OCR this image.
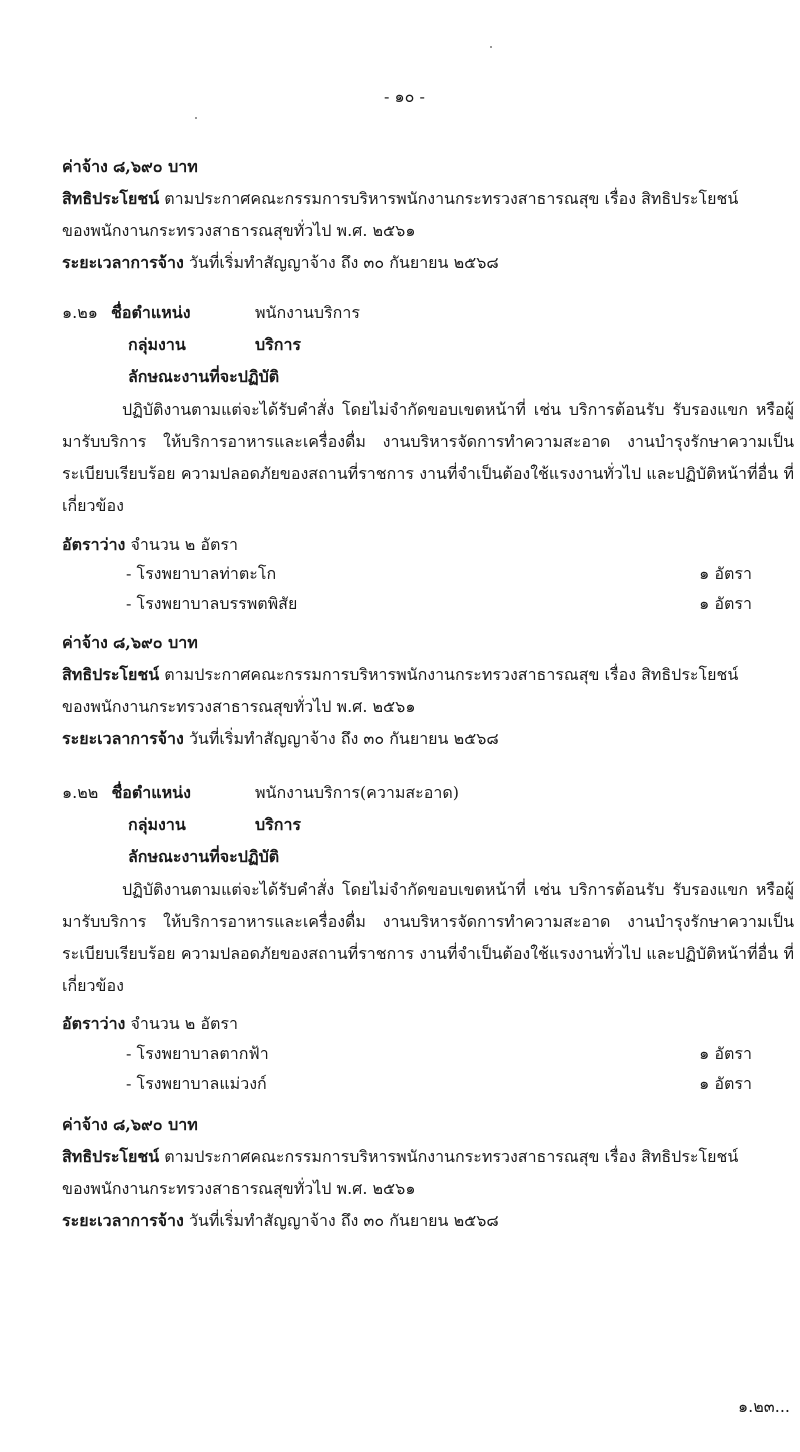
- ๑๐ -
ค่าจ้าง ๘,๖๙๐ บาท
สิทธิประโยชน์ ตามประกาศคณะกรรมการบริหารพนักงานกระทรวงสาธารณสุข เรื่อง สิทธิประโยชน์
ของพนักงานกระทรวงสาธารณสุขทั่วไป พ.ศ. ๒๕๖๑
ระยะเวลาการจ้าง วันที่เริ่มทำสัญญาจ้าง ถึง ๓๐ กันยายน ๒๕๖๘
๑.๒๑ ชื่อตำแหน่ง	พนักงานบริการ
กลุ่มงาน	บริการ
ลักษณะงานที่จะปฏิบัติ
ปฏิบัติงานตามแต่จะได้รับคำสั่ง โดยไม่จำกัดขอบเขตหน้าที่ เช่น บริการต้อนรับ รับรองแขก หรือผู้มารับบริการ ให้บริการอาหารและเครื่องดื่ม งานบริหารจัดการทำความสะอาด งานบำรุงรักษาความเป็น ระเบียบเรียบร้อย ความปลอดภัยของสถานที่ราชการ งานที่จำเป็นต้องใช้แรงงานทั่วไป และปฏิบัติหน้าที่อื่น ที่เกี่ยวข้อง
อัตราว่าง จำนวน ๒ อัตรา
- โรงพยาบาลท่าตะโก	๑ อัตรา
- โรงพยาบาลบรรพตพิสัย	๑ อัตรา
ค่าจ้าง ๘,๖๙๐ บาท
สิทธิประโยชน์ ตามประกาศคณะกรรมการบริหารพนักงานกระทรวงสาธารณสุข เรื่อง สิทธิประโยชน์
ของพนักงานกระทรวงสาธารณสุขทั่วไป พ.ศ. ๒๕๖๑
ระยะเวลาการจ้าง วันที่เริ่มทำสัญญาจ้าง ถึง ๓๐ กันยายน ๒๕๖๘
๑.๒๒ ชื่อตำแหน่ง	พนักงานบริการ(ความสะอาด)
กลุ่มงาน	บริการ
ลักษณะงานที่จะปฏิบัติ
ปฏิบัติงานตามแต่จะได้รับคำสั่ง โดยไม่จำกัดขอบเขตหน้าที่ เช่น บริการต้อนรับ รับรองแขก หรือผู้มารับบริการ ให้บริการอาหารและเครื่องดื่ม งานบริหารจัดการทำความสะอาด งานบำรุงรักษาความเป็น ระเบียบเรียบร้อย ความปลอดภัยของสถานที่ราชการ งานที่จำเป็นต้องใช้แรงงานทั่วไป และปฏิบัติหน้าที่อื่น ที่เกี่ยวข้อง
อัตราว่าง จำนวน ๒ อัตรา
- โรงพยาบาลตากฟ้า	๑ อัตรา
- โรงพยาบาลแม่วงก์	๑ อัตรา
ค่าจ้าง ๘,๖๙๐ บาท
สิทธิประโยชน์ ตามประกาศคณะกรรมการบริหารพนักงานกระทรวงสาธารณสุข เรื่อง สิทธิประโยชน์
ของพนักงานกระทรวงสาธารณสุขทั่วไป พ.ศ. ๒๕๖๑
ระยะเวลาการจ้าง วันที่เริ่มทำสัญญาจ้าง ถึง ๓๐ กันยายน ๒๕๖๘
๑.๒๓...
